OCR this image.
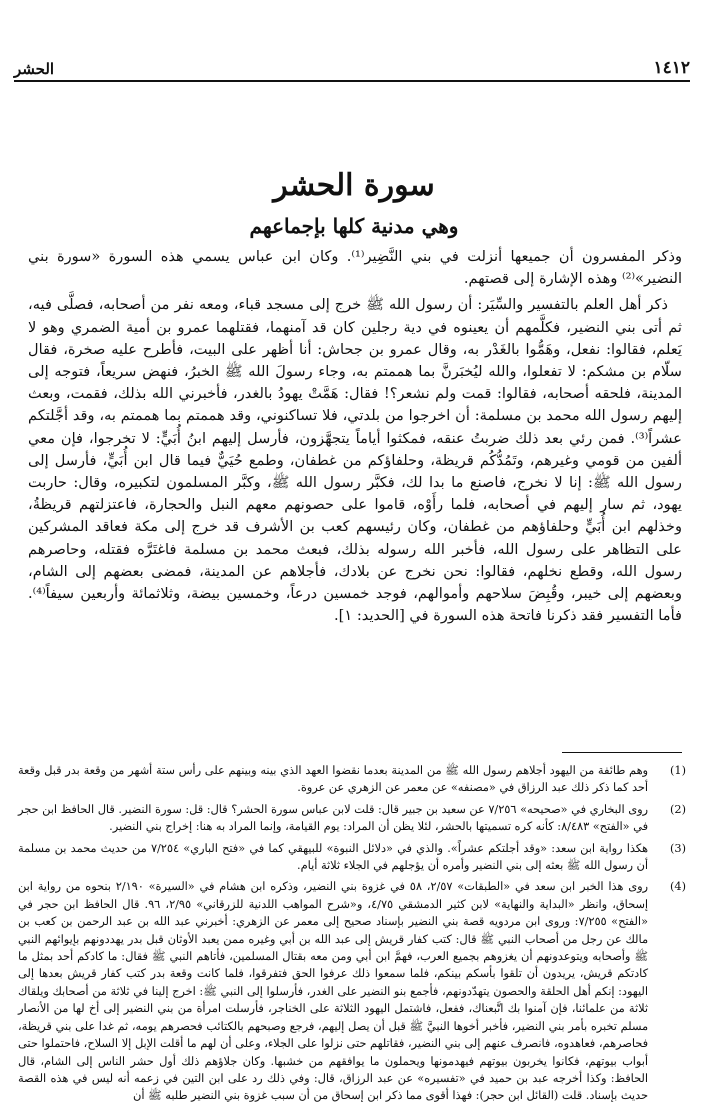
الحشر	١٤١٢
سورة الحشر
وهي مدنية كلها بإجماعهم

وذكر المفسرون أن جميعها أنزلت في بني النَّضِير⁽¹⁾. وكان ابن عباس يسمي هذه السورة «سورة بني النضير»⁽²⁾ وهذه الإشارة إلى قصتهم.

ذكر أهل العلم بالتفسير والسِّيَر: أن رسول الله ﷺ خرج إلى مسجد قباء، ومعه نفر من أصحابه، فصلَّى فيه، ثم أتى بني النضير، فكلَّمهم أن يعينوه في دية رجلين كان قد آمنهما، فقتلهما عمرو بن أمية الضمري وهو لا يَعلم، فقالوا: نفعل، وهَمُّوا بالغَدْر به، وقال عمرو بن جحاش: أنا أظهر على البيت، فأطرح عليه صخرة، فقال سلّام بن مشكم: لا تفعلوا، والله ليُخبَرنَّ بما هممتم به، وجاء رسولَ الله ﷺ الخبرُ، فنهض سريعاً، فتوجه إلى المدينة، فلحقه أصحابه، فقالوا: قمت ولم نشعر؟! فقال: هَمَّتْ يهودُ بالغدر، فأخبرني الله بذلك، فقمت، وبعث إليهم رسول الله محمد بن مسلمة: أن اخرجوا من بلدتي، فلا تساكنوني، وقد هممتم بما هممتم به، وقد أجَّلتكم عشراً⁽³⁾. فمن رئي بعد ذلك ضربتُ عنقه، فمكثوا أياماً يتجهَّزون، فأرسل إليهم ابنُ أُبَيٍّ: لا تخرجوا، فإن معي ألفين من قومي وغيرهم، وتَمُدُّكُم قريظة، وحلفاؤكم من غطفان، وطمع حُيَيٌّ فيما قال ابن أُبَيٍّ، فأرسل إلى رسول الله ﷺ: إنا لا نخرج، فاصنع ما بدا لك، فكبَّر رسول الله ﷺ، وكبَّر المسلمون لتكبيره، وقال: حاربت يهود، ثم سار إليهم في أصحابه، فلما رأَوْه، قاموا على حصونهم معهم النبل والحجارة، فاعتزلتهم قريظةُ، وخذلهم ابن أُبَيٍّ وحلفاؤهم من غطفان، وكان رئيسهم كعب بن الأشرف قد خرج إلى مكة فعاقد المشركين على التظاهر على رسول الله، فأخبر الله رسوله بذلك، فبعث محمد بن مسلمة فاغتَرَّه فقتله، وحاصرهم رسول الله، وقطع نخلهم، فقالوا: نحن نخرج عن بلادك، فأجلاهم عن المدينة، فمضى بعضهم إلى الشام، وبعضهم إلى خيبر، وقُبِضَ سلاحهم وأموالهم، فوجد خمسين درعاً، وخمسين بيضة، وثلاثمائة وأربعين سيفاً⁽⁴⁾. فأما التفسير فقد ذكرنا فاتحة هذه السورة في [الحديد: ١].

(1)
وهم طائفة من اليهود أجلاهم رسول الله ﷺ من المدينة بعدما نقضوا العهد الذي بينه وبينهم على رأس ستة أشهر من وقعة بدر قبل وقعة أحد كما ذكر ذلك عبد الرزاق في «مصنفه» عن معمر عن الزهري عن عروة.
(2)
روى البخاري في «صحيحه» ٧/٢٥٦ عن سعيد بن جبير قال: قلت لابن عباس سورة الحشر؟ قال: قل: سورة النضير. قال الحافظ ابن حجر في «الفتح» ٨/٤٨٣: كأنه كره تسميتها بالحشر، لئلا يظن أن المراد: يوم القيامة، وإنما المراد به هنا: إخراج بني النضير.
(3)
هكذا رواية ابن سعد: «وقد أجلتكم عشراً». والذي في «دلائل النبوة» للبيهقي كما في «فتح الباري» ٧/٢٥٤ من حديث محمد بن مسلمة أن رسول الله ﷺ بعثه إلى بني النضير وأمره أن يؤجلهم في الجلاء ثلاثة أيام.
(4)
روى هذا الخبر ابن سعد في «الطبقات» ٢/٥٧، ٥٨ في غزوة بني النضير، وذكره ابن هشام في «السيرة» ٢/١٩٠ بنحوه من رواية ابن إسحاق، وانظر «البداية والنهاية» لابن كثير الدمشقي ٤/٧٥، و«شرح المواهب اللدنية للزرقاني» ٢/٩٥، ٩٦. قال الحافظ ابن حجر في «الفتح» ٧/٢٥٥: وروى ابن مردويه قصة بني النضير بإسناد صحيح إلى معمر عن الزهري: أخبرني عبد الله بن عبد الرحمن بن كعب بن مالك عن رجل من أصحاب النبي ﷺ قال: كتب كفار قريش إلى عبد الله بن أبي وغيره ممن يعبد الأوثان قبل بدر يهددونهم بإيوائهم النبي ﷺ وأصحابه ويتوعدونهم أن يغزوهم بجميع العرب، فهمَّ ابن أبي ومن معه بقتال المسلمين، فأتاهم النبي ﷺ فقال: ما كادكم أحد بمثل ما كادتكم قريش، يريدون أن تلقوا بأسكم بينكم، فلما سمعوا ذلك عرفوا الحق فتفرقوا، فلما كانت وقعة بدر كتب كفار قريش بعدها إلى اليهود: إنكم أهل الحلقة والحصون يتهدّدونهم، فأجمع بنو النضير على الغدر، فأرسلوا إلى النبي ﷺ: اخرج إلينا في ثلاثة من أصحابك ويلقاك ثلاثة من علمائنا، فإن آمنوا بك اتَّبعناك، ففعل، فاشتمل اليهود الثلاثة على الخناجر، فأرسلت امرأة من بني النضير إلى أخ لها من الأنصار مسلم تخبره بأمر بني النضير، فأخبر أخوها النبيَّ ﷺ قبل أن يصل إليهم، فرجع وصبحهم بالكتائب فحصرهم يومه، ثم غدا على بني قريظة، فحاصرهم، فعاهدوه، فانصرف عنهم إلى بني النضير، فقاتلهم حتى نزلوا على الجلاء، وعلى أن لهم ما أقلت الإبل إلا السلاح، فاحتملوا حتى أبواب بيوتهم، فكانوا يخربون بيوتهم فيهدمونها ويحملون ما يوافقهم من خشبها. وكان جلاؤهم ذلك أول حشر الناس إلى الشام، قال الحافظ: وكذا أخرجه عبد بن حميد في «تفسيره» عن عبد الرزاق، قال: وفي ذلك رد على ابن التين في زعمه أنه ليس في هذه القصة حديث بإسناد. قلت (القائل ابن حجر): فهذا أقوى مما ذكر ابن إسحاق من أن سبب غزوة بني النضير طلبه ﷺ أن
